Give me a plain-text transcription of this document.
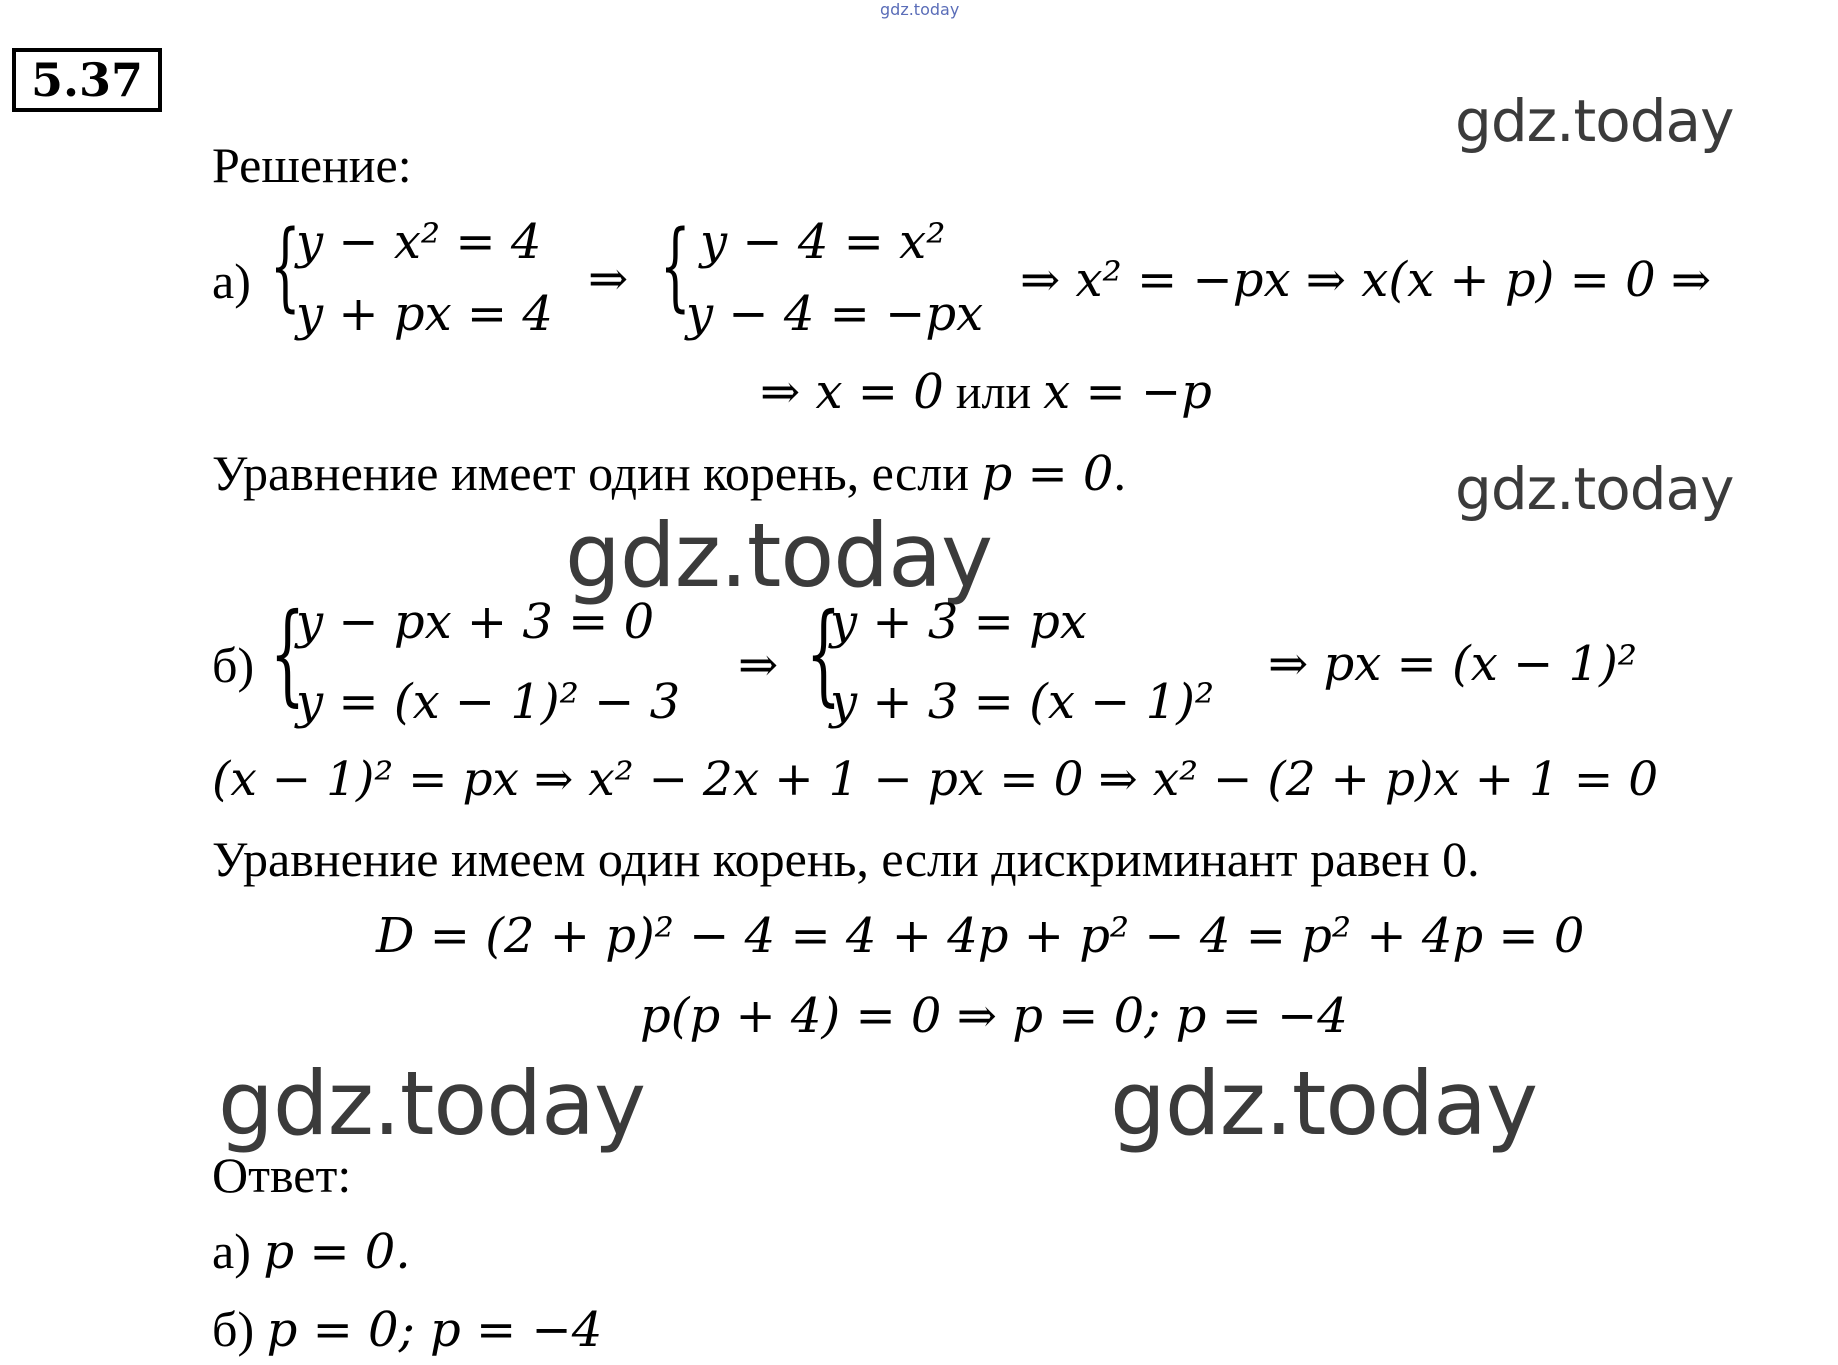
gdz.today
5.37
gdz.today
Решение:
а) {
y − x² = 4
y + px = 4
⇒ { y − 4 = x²
y − 4 = −px
⇒ x² = −px ⇒ x(x + p) = 0 ⇒
⇒ x = 0 или x = −p
Уравнение имеет один корень, если p = 0.	gdz.today
gdz.today
б) {
y − px + 3 = 0
y = (x − 1)² − 3
⇒ {
y + 3 = px
y + 3 = (x − 1)²
⇒ px = (x − 1)²
(x − 1)² = px ⇒ x² − 2x + 1 − px = 0 ⇒ x² − (2 + p)x + 1 = 0
Уравнение имеем один корень, если дискриминант равен 0.
D = (2 + p)² − 4 = 4 + 4p + p² − 4 = p² + 4p = 0
p(p + 4) = 0 ⇒ p = 0; p = −4
gdz.today	gdz.today
Ответ:
а) p = 0.
б) p = 0; p = −4
